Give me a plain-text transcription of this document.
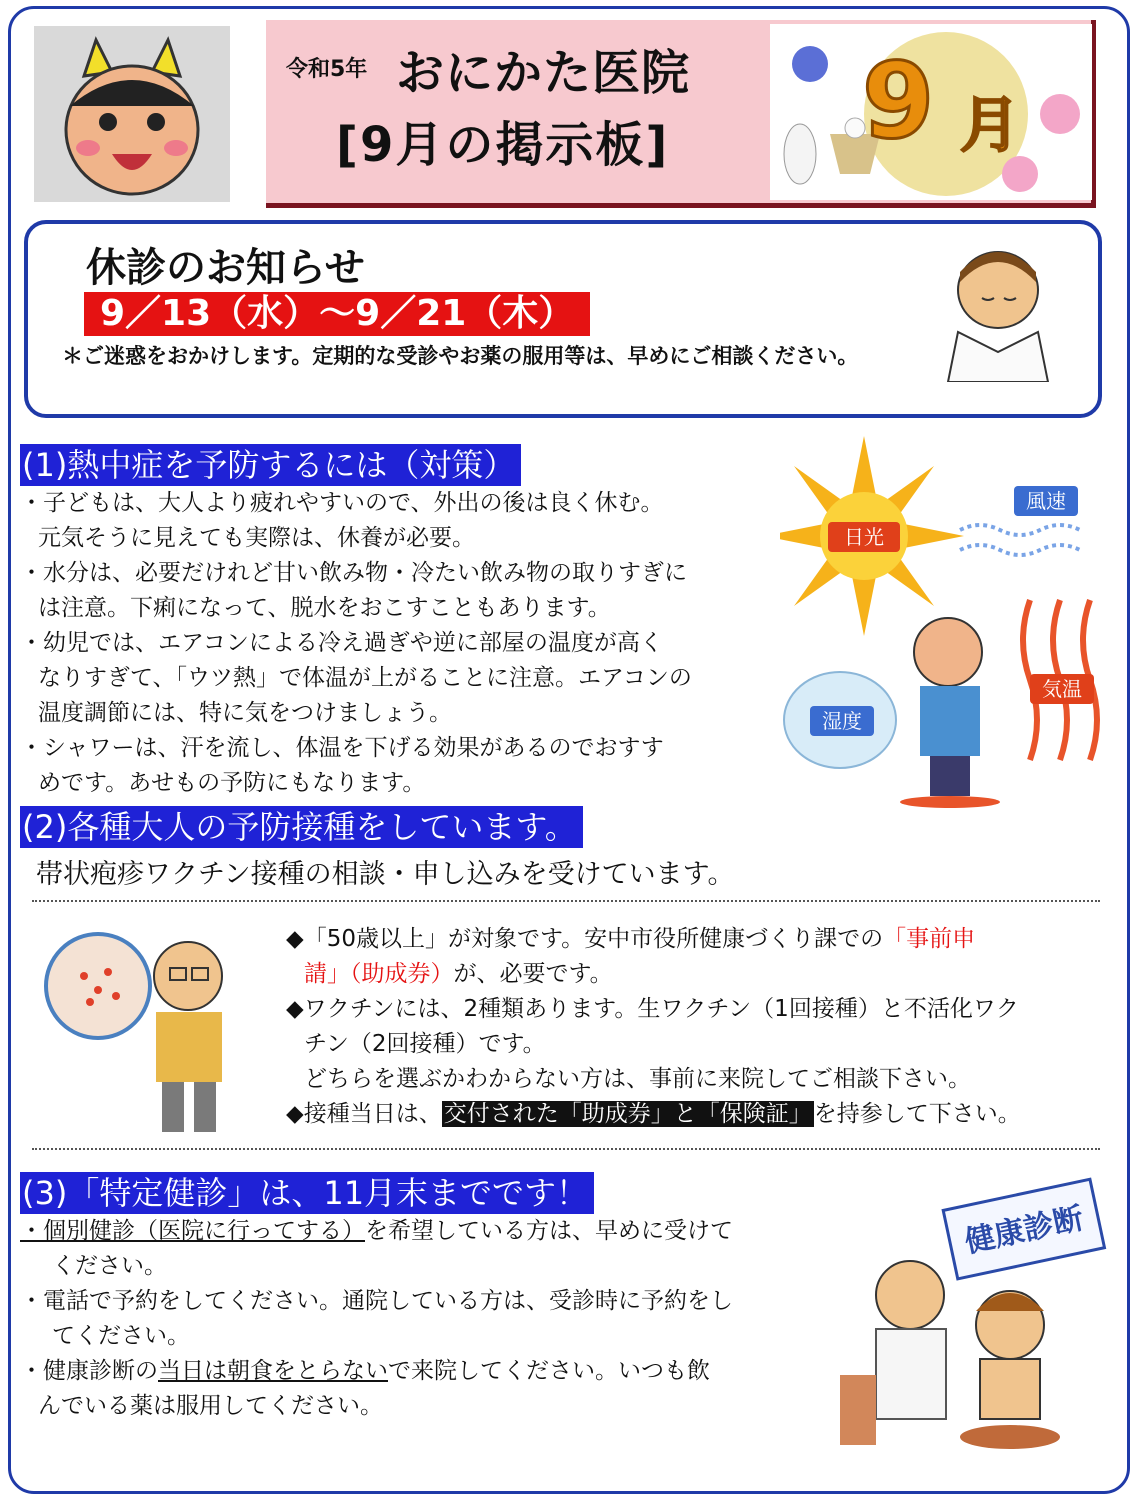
令和5年 おにかた医院
[9月の掲示板] 9 月
休診のお知らせ
9／13（水）～9／21（木）
＊ご迷惑をおかけします。定期的な受診やお薬の服用等は、早めにご相談ください。
(1)熱中症を予防するには（対策）

・子どもは、大人より疲れやすいので、外出の後は良く休む。

元気そうに見えても実際は、休養が必要。

・水分は、必要だけれど甘い飲み物・冷たい飲み物の取りすぎに

は注意。下痢になって、脱水をおこすこともあります。

・幼児では、エアコンによる冷え過ぎや逆に部屋の温度が高く

なりすぎて、「ウツ熱」で体温が上がることに注意。エアコンの

温度調節には、特に気をつけましょう。

・シャワーは、汗を流し、体温を下げる効果があるのでおすす

めです。あせもの予防にもなります。

日光
風速
湿度
気温
(2)各種大人の予防接種をしています。
帯状疱疹ワクチン接種の相談・申し込みを受けています。

◆「50歳以上」が対象です。安中市役所健康づくり課での「事前申

請」（助成券）が、必要です。

◆ワクチンには、2種類あります。生ワクチン（1回接種）と不活化ワク

チン（2回接種）です。

どちらを選ぶかわからない方は、事前に来院してご相談下さい。

◆接種当日は、交付された「助成券」と「保険証」を持参して下さい。

(3)「特定健診」は、11月末までです！

・個別健診（医院に行ってする）を希望している方は、早めに受けて

ください。

・電話で予約をしてください。通院している方は、受診時に予約をし

てください。

・健康診断の当日は朝食をとらないで来院してください。いつも飲

んでいる薬は服用してください。

健康診断
